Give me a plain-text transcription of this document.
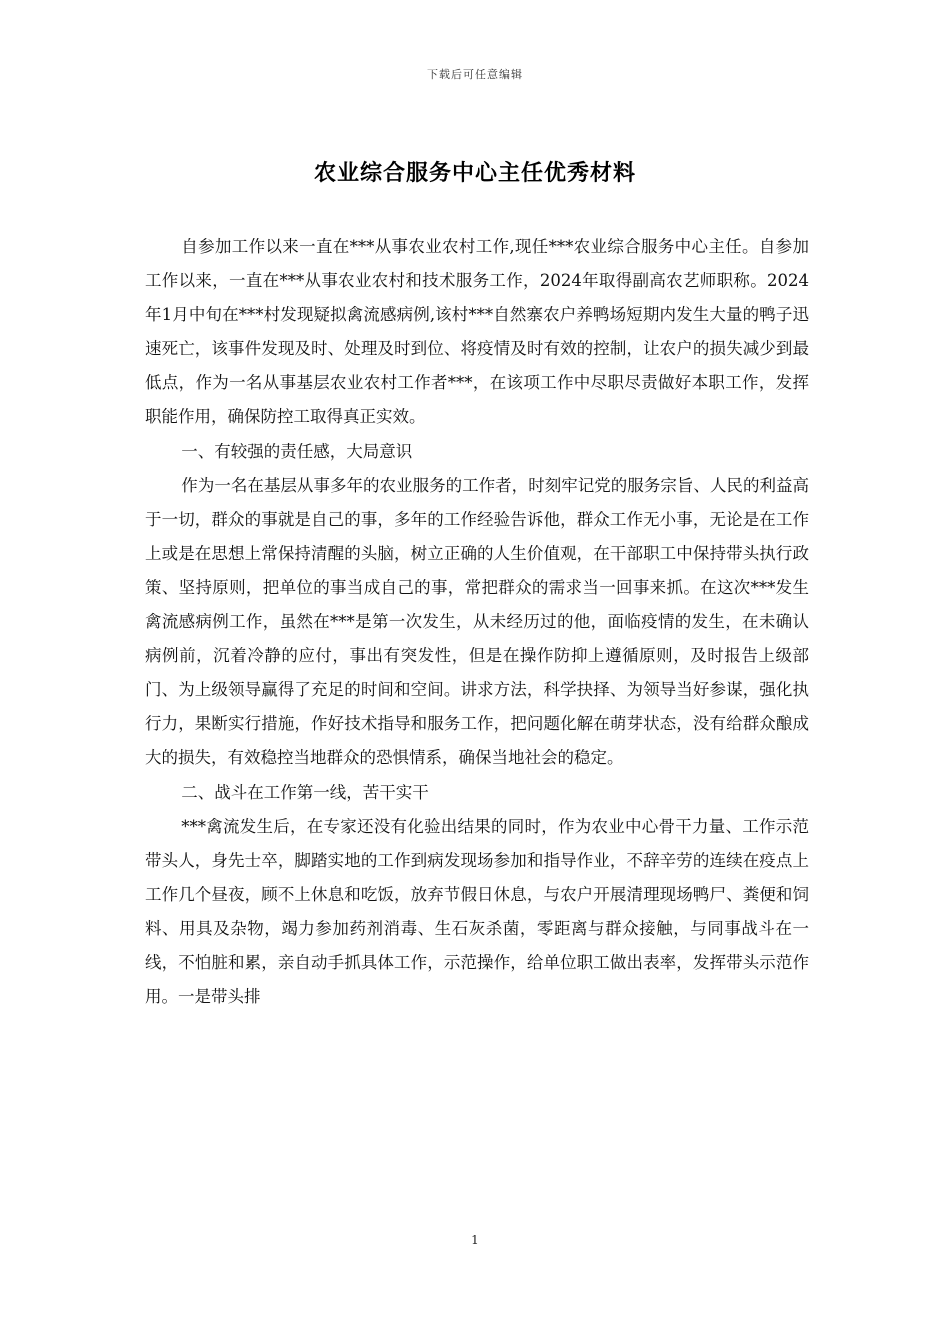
下载后可任意编辑
农业综合服务中心主任优秀材料

自参加工作以来一直在***从事农业农村工作,现任***农业综合服务中心主任。自参加工作以来，一直在***从事农业农村和技术服务工作，2024年取得副高农艺师职称。2024年1月中旬在***村发现疑拟禽流感病例,该村***自然寨农户养鸭场短期内发生大量的鸭子迅速死亡，该事件发现及时、处理及时到位、将疫情及时有效的控制，让农户的损失减少到最低点，作为一名从事基层农业农村工作者***，在该项工作中尽职尽责做好本职工作，发挥职能作用，确保防控工取得真正实效。

一、有较强的责任感，大局意识

作为一名在基层从事多年的农业服务的工作者，时刻牢记党的服务宗旨、人民的利益高于一切，群众的事就是自己的事，多年的工作经验告诉他，群众工作无小事，无论是在工作上或是在思想上常保持清醒的头脑，树立正确的人生价值观，在干部职工中保持带头执行政策、坚持原则，把单位的事当成自己的事，常把群众的需求当一回事来抓。在这次***发生禽流感病例工作，虽然在***是第一次发生，从未经历过的他，面临疫情的发生，在未确认病例前，沉着冷静的应付，事出有突发性，但是在操作防抑上遵循原则，及时报告上级部门、为上级领导赢得了充足的时间和空间。讲求方法，科学抉择、为领导当好参谋，强化执行力，果断实行措施，作好技术指导和服务工作，把问题化解在萌芽状态，没有给群众酿成大的损失，有效稳控当地群众的恐惧情系，确保当地社会的稳定。

二、战斗在工作第一线，苦干实干

***禽流发生后，在专家还没有化验出结果的同时，作为农业中心骨干力量、工作示范带头人，身先士卒，脚踏实地的工作到病发现场参加和指导作业，不辞辛劳的连续在疫点上工作几个昼夜，顾不上休息和吃饭，放弃节假日休息，与农户开展清理现场鸭尸、粪便和饲料、用具及杂物，竭力参加药剂消毒、生石灰杀菌，零距离与群众接触，与同事战斗在一线，不怕脏和累，亲自动手抓具体工作，示范操作，给单位职工做出表率，发挥带头示范作用。一是带头排

1
